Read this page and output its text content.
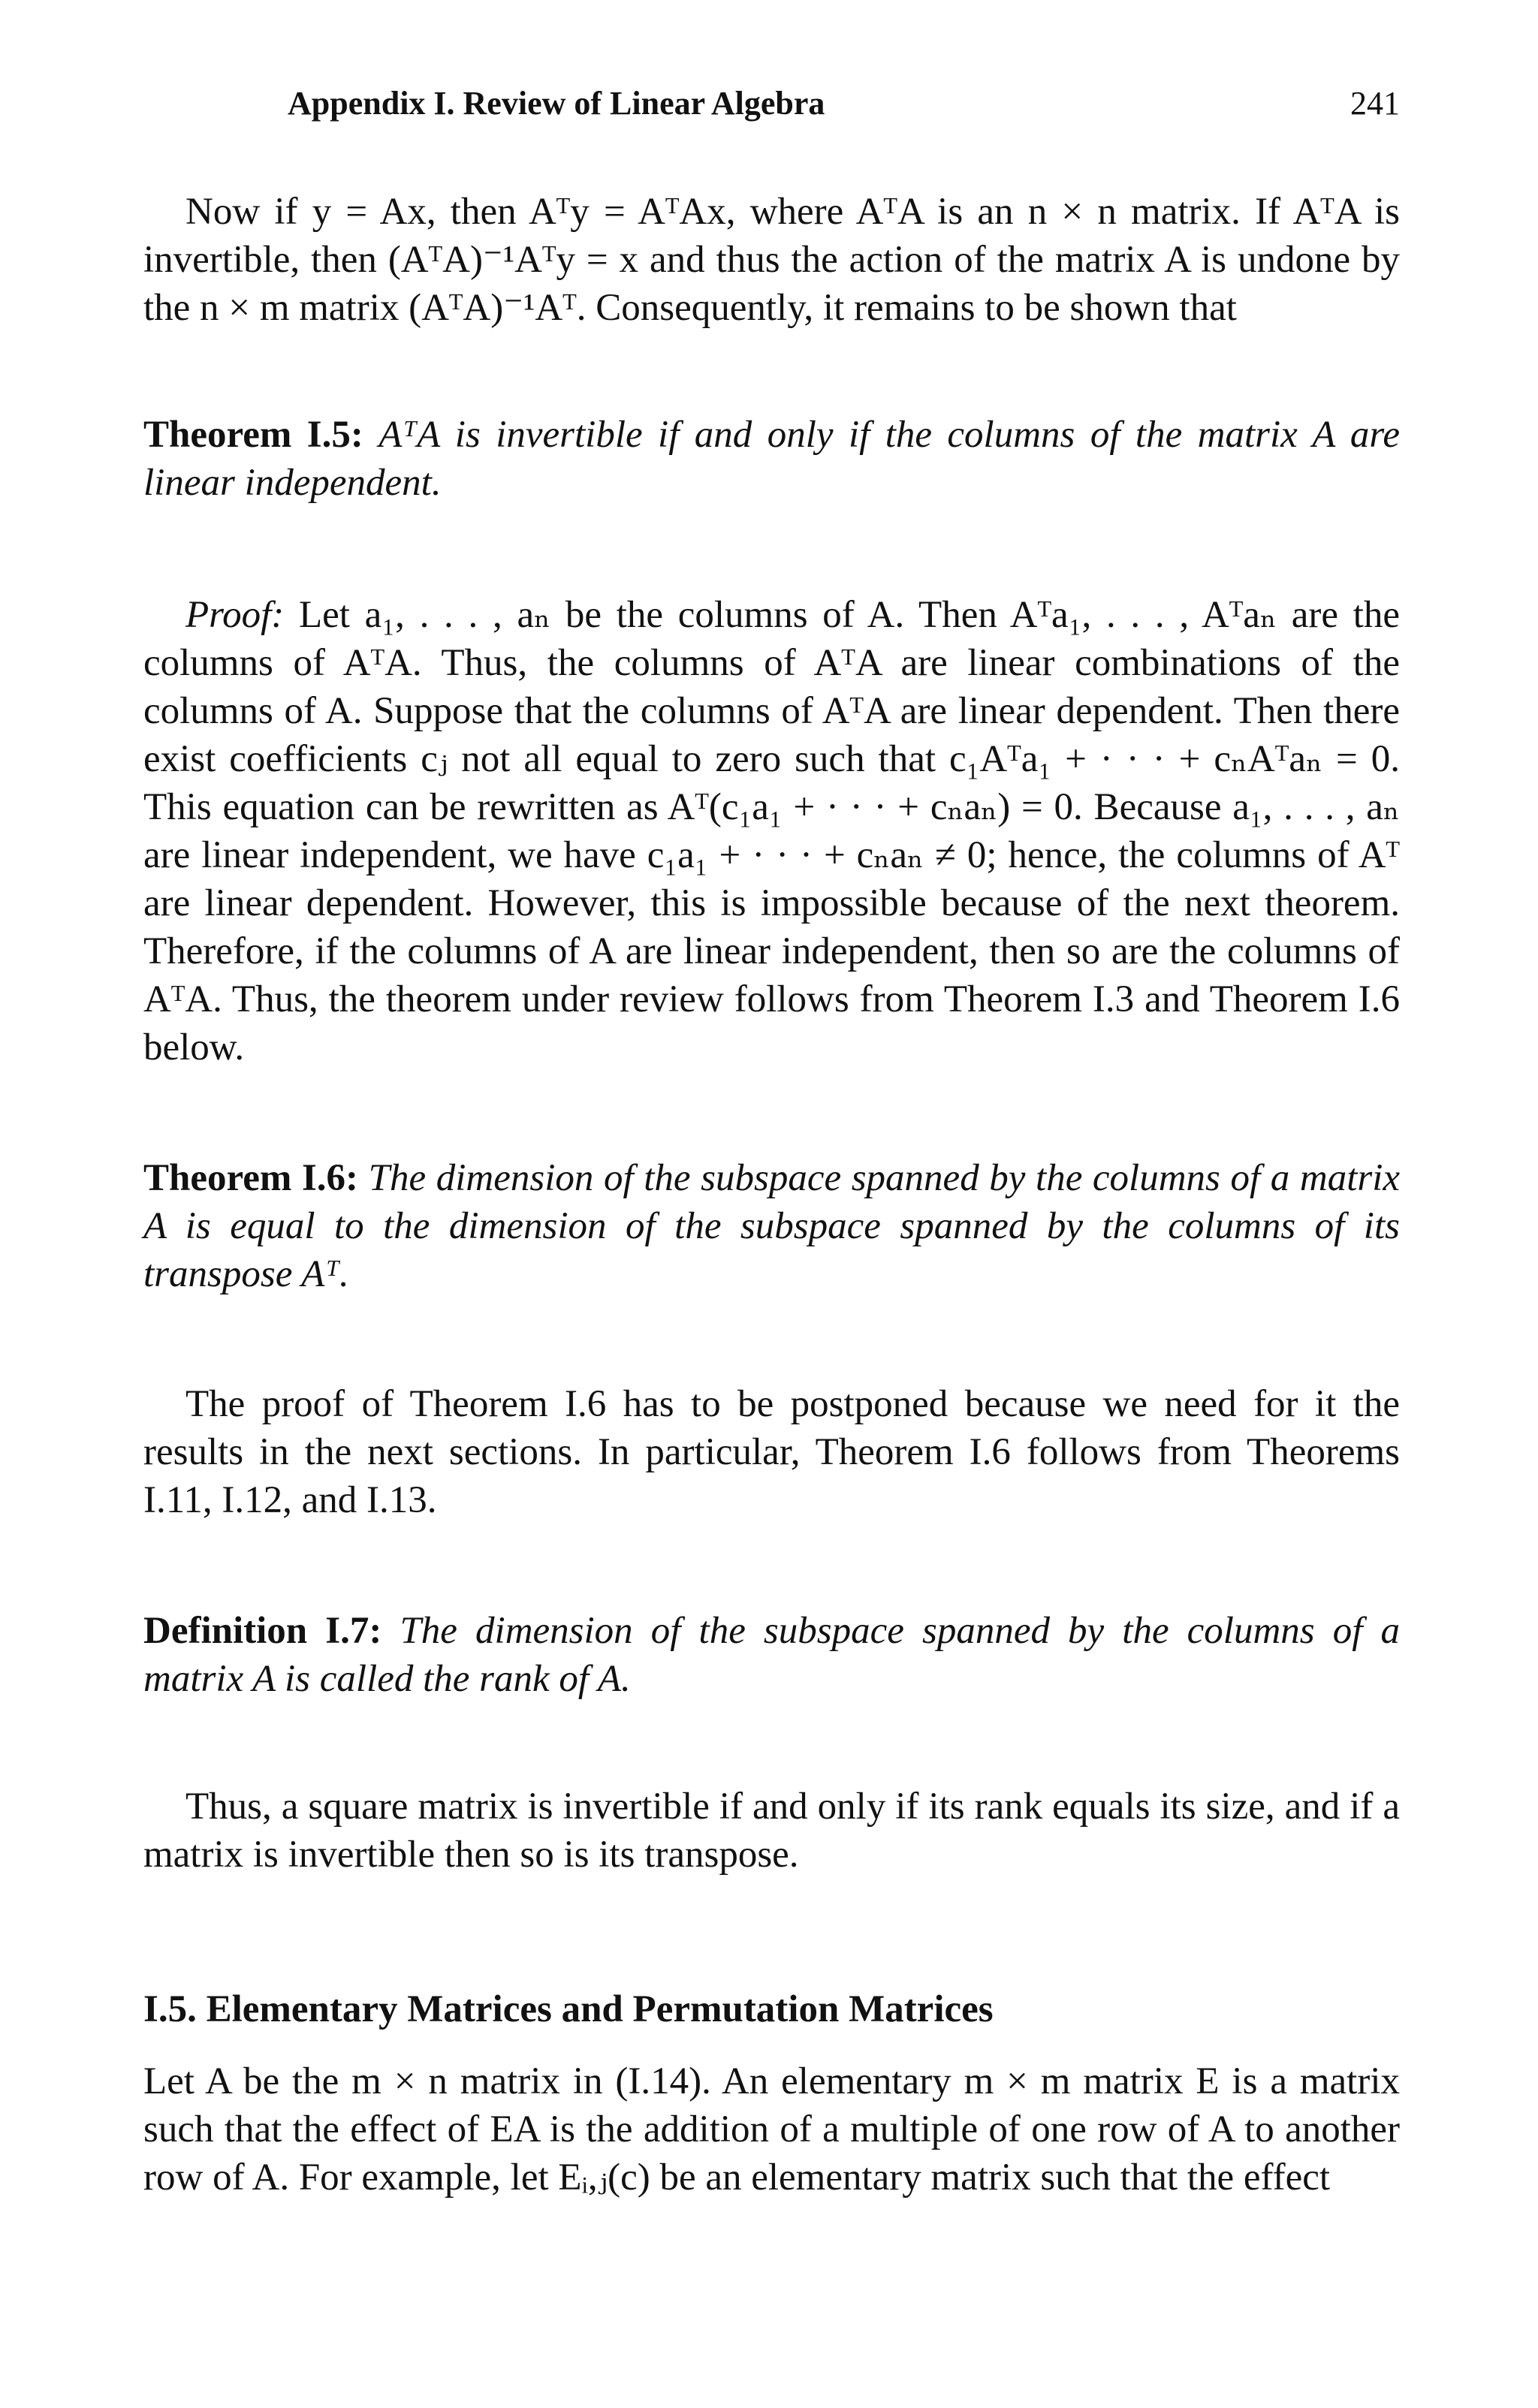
Appendix I. Review of Linear Algebra	241

Now if y = Ax, then Aᵀy = AᵀAx, where AᵀA is an n × n matrix. If AᵀA is invertible, then (AᵀA)⁻¹Aᵀy = x and thus the action of the matrix A is undone by the n × m matrix (AᵀA)⁻¹Aᵀ. Consequently, it remains to be shown that

Theorem I.5: AᵀA is invertible if and only if the columns of the matrix A are linear independent.

Proof: Let a₁, . . . , aₙ be the columns of A. Then Aᵀa₁, . . . , Aᵀaₙ are the columns of AᵀA. Thus, the columns of AᵀA are linear combinations of the columns of A. Suppose that the columns of AᵀA are linear dependent. Then there exist coefficients cⱼ not all equal to zero such that c₁Aᵀa₁ + · · · + cₙAᵀaₙ = 0. This equation can be rewritten as Aᵀ(c₁a₁ + · · · + cₙaₙ) = 0. Because a₁, . . . , aₙ are linear independent, we have c₁a₁ + · · · + cₙaₙ ≠ 0; hence, the columns of Aᵀ are linear dependent. However, this is impossible because of the next theorem. Therefore, if the columns of A are linear independent, then so are the columns of AᵀA. Thus, the theorem under review follows from Theorem I.3 and Theorem I.6 below.

Theorem I.6: The dimension of the subspace spanned by the columns of a matrix A is equal to the dimension of the subspace spanned by the columns of its transpose Aᵀ.

The proof of Theorem I.6 has to be postponed because we need for it the results in the next sections. In particular, Theorem I.6 follows from Theorems I.11, I.12, and I.13.

Definition I.7: The dimension of the subspace spanned by the columns of a matrix A is called the rank of A.

Thus, a square matrix is invertible if and only if its rank equals its size, and if a matrix is invertible then so is its transpose.

I.5. Elementary Matrices and Permutation Matrices

Let A be the m × n matrix in (I.14). An elementary m × m matrix E is a matrix such that the effect of EA is the addition of a multiple of one row of A to another row of A. For example, let Eᵢ,ⱼ(c) be an elementary matrix such that the effect
